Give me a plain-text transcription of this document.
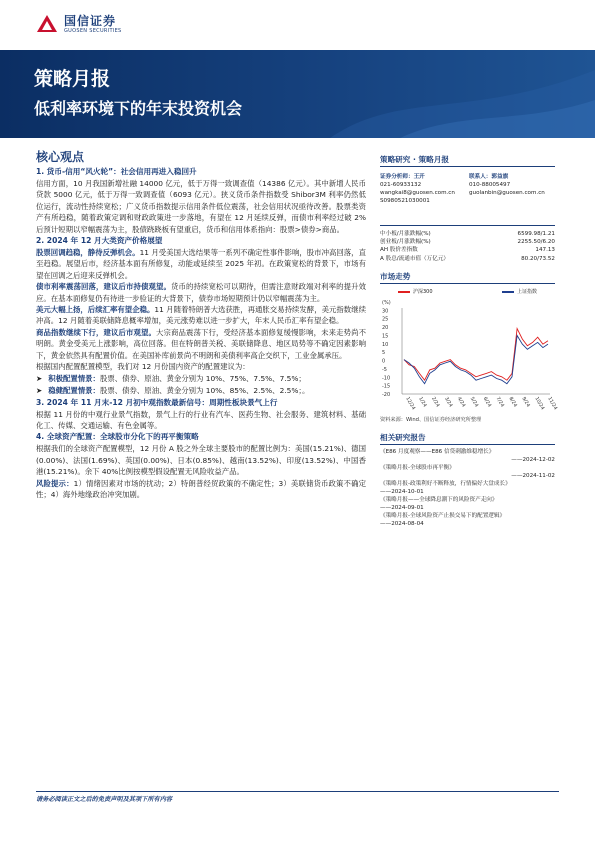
国信证券
GUOSEN SECURITIES
策略月报
低利率环境下的年末投资机会
核心观点
1. 货币-信用“风火轮”：社会信用再进入稳回升
信用方面，10 月我国新增社融 14000 亿元，低于万得一致调查值（14386 亿元）。其中新增人民币贷款 5000 亿元，低于万得一致调查值（6093 亿元）。狭义货币条件指数受 Shibor3M 利率仍然低位运行，流动性持续宽松；广义货币指数提示信用条件低位震荡，社会信用状况亟待改善。股票类资产有所趋稳，随着政策定调和财政政策进一步落地，有望在 12 月延续反弹，而债市利率经过破 2%后预计短期以窄幅震荡为主，股债跷跷板有望重启，货币和信用体系指向：股票>债券>商品。
2. 2024 年 12 月大类资产价格展望
股票回调趋稳，静待反弹机会。11 月受美国大选结果等一系列不确定性事件影响，股市冲高回落，直至趋稳。展望后市，经济基本面有所修复，动能或延续至 2025 年初。在政策宽松的背景下，市场有望在回调之后迎来反弹机会。
债市利率震荡回落，建议后市持债观望。货币的持续宽松可以期待，但需注意财政端对利率的提升效应。在基本面修复仍有待进一步验证的大背景下，债券市场短期预计仍以窄幅震荡为主。
美元大幅上扬，后续汇率有望企稳。11 月随着特朗普大选获胜，再通胀交易持续发酵，美元指数继续冲高。12 月随着美联储降息概率增加，美元涨势难以进一步扩大，年末人民币汇率有望企稳。
商品指数继续下行，建议后市观望。大宗商品震荡下行，受经济基本面修复缓慢影响，未来走势尚不明朗。黄金受美元上涨影响，高位回落。但在特朗普关税、美联储降息、地区局势等不确定因素影响下，黄金依然具有配置价值。在美国补库前景尚不明朗和美债利率高企交织下，工业金属承压。
根据国内配置配置模型，我们对 12 月份国内资产的配置建议为：
➤ 积极配置情景：股票、债券、原油、黄金分别为 10%、75%、7.5%、7.5%；
➤ 稳健配置情景：股票、债券、原油、黄金分别为 10%、85%、2.5%、2.5%；。
3. 2024 年 11 月末-12 月初中观指数最新信号：周期性板块景气上行
根据 11 月份的中观行业景气指数，景气上行的行业有汽车、医药生物、社会服务、建筑材料、基础化工、传媒、交通运输、有色金属等。
4. 全球资产配置：全球股市分化下的再平衡策略
根据我们的全球资产配置模型，12 月份 A 股之外全球主要股市的配置比例为：美国(15.21%)、德国(0.00%)、法国(1.69%)、英国(0.00%)、日本(0.85%)、越南(13.52%)、印度(13.52%)、中国香港(15.21%)。余下 40%比例按模型假设配置无风险收益产品。
风险提示：1）情绪因素对市场的扰动；2）特朗普经贸政策的不确定性；3）美联储货币政策不确定性；4）海外地缘政治冲突加剧。
策略研究 · 策略月报
证券分析师：王开
021-60933132
wangkai8@guosen.com.cn
S0980521030001
联系人：郭益旗
010-88005497
guolanbin@guosen.com.cn

中小板/月涨跌幅(%)	6599.98/1.21
创业板/月涨跌幅(%)	2255.50/6.20
AH 股价差指数	147.13
A 股总/流通市值（万亿元）	80.20/73.52
市场走势
沪深300	上证指数
(%)
30
25
20
15
10
5
0
-5
-10
-15
-20
12/24 1/24 2/24 3/24 4/24 5/24 6/24 7/24 8/24 9/24 10/24 11/24
资料来源：Wind、国信证券经济研究所整理
相关研究报告
《E86 月度观察——E86 信贷刺激维稳增长》
——2024-12-02
《策略月报-全球股市再平衡》
——2024-11-02
《策略月报-政策利好不断释放，行情偏好大盘成长》
——2024-10-01
《策略月报——全球降息潮下的风险资产走向》
——2024-09-01
《策略月报-全球风险资产止损交易下的配置逻辑》
——2024-08-04
请务必阅读正文之后的免责声明及其项下所有内容
